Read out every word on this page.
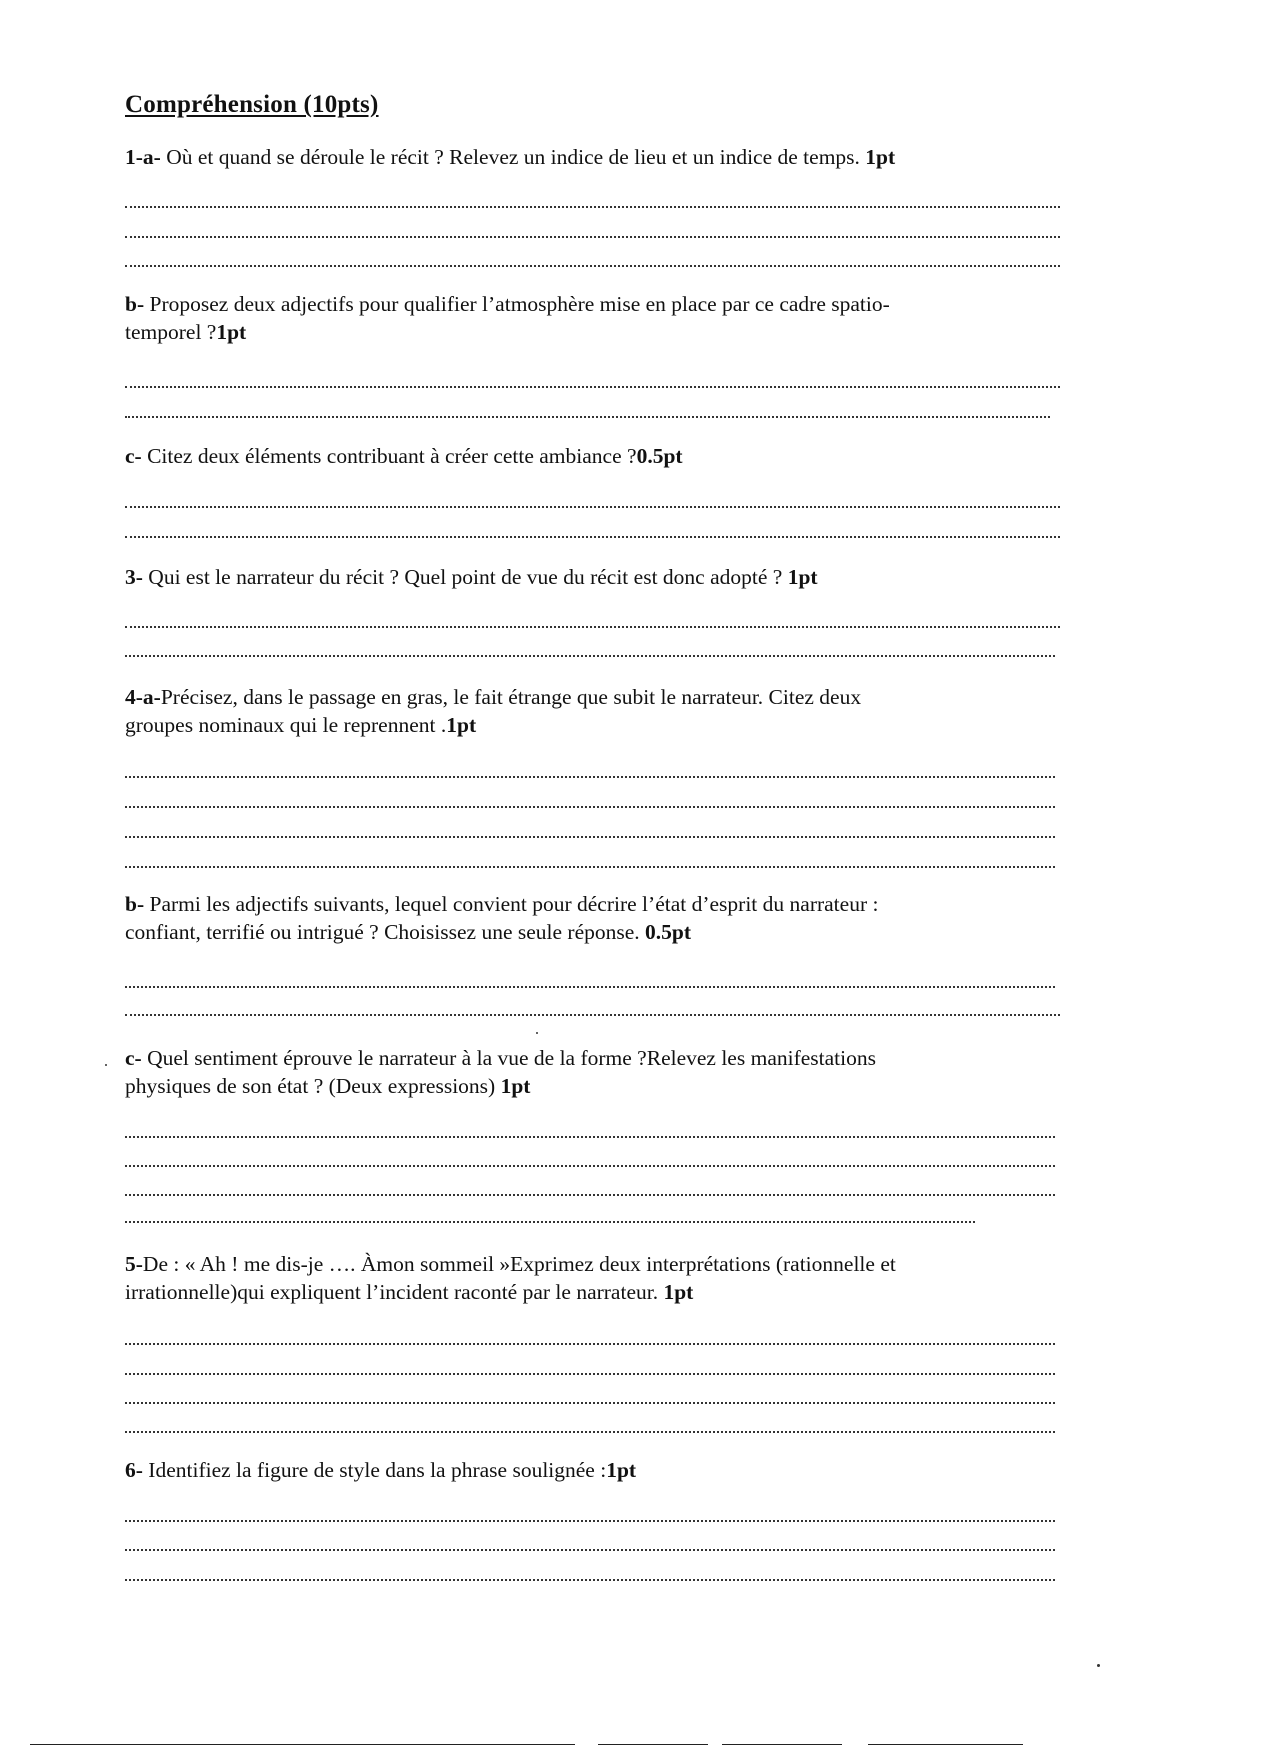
Compréhension (10pts)
1-a- Où et quand se déroule le récit ? Relevez un indice de lieu et un indice de temps. 1pt
b- Proposez deux adjectifs pour qualifier l’atmosphère mise en place par ce cadre spatio-
temporel ?1pt
c- Citez deux éléments contribuant à créer cette ambiance ?0.5pt
3- Qui est le narrateur du récit ? Quel point de vue du récit est donc adopté ? 1pt
4-a-Précisez, dans le passage en gras, le fait étrange que subit le narrateur. Citez deux
groupes nominaux qui le reprennent .1pt
b- Parmi les adjectifs suivants, lequel convient pour décrire l’état d’esprit du narrateur :
confiant, terrifié ou intrigué ? Choisissez une seule réponse. 0.5pt
c- Quel sentiment éprouve le narrateur à la vue de la forme ?Relevez les manifestations
physiques de son état ? (Deux expressions) 1pt
5-De : « Ah ! me dis-je …. Àmon sommeil »Exprimez deux interprétations (rationnelle et
irrationnelle)qui expliquent l’incident raconté par le narrateur. 1pt
6- Identifiez la figure de style dans la phrase soulignée :1pt
